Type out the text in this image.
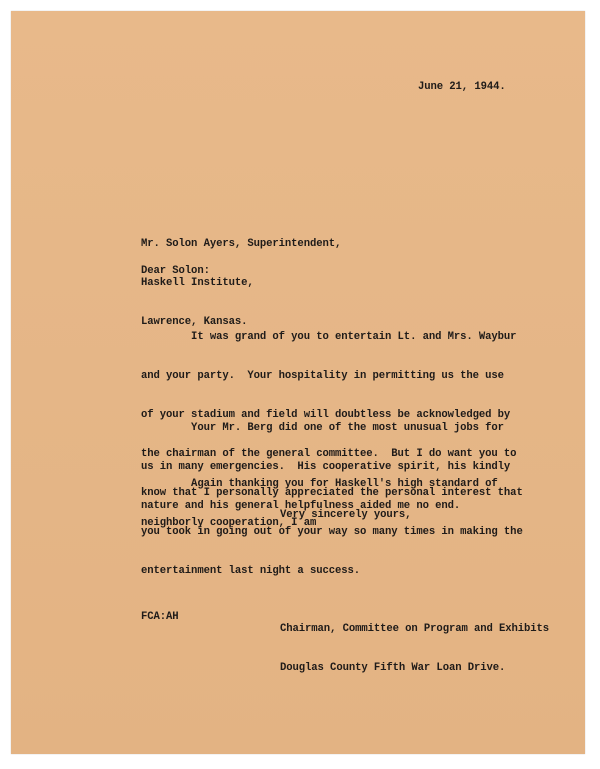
June 21, 1944.

Mr. Solon Ayers, Superintendent,

Haskell Institute,

Lawrence, Kansas.

Dear Solon:

It was grand of you to entertain Lt. and Mrs. Waybur

and your party.  Your hospitality in permitting us the use

of your stadium and field will doubtless be acknowledged by

the chairman of the general committee.  But I do want you to

know that I personally appreciated the personal interest that

you took in going out of your way so many times in making the

entertainment last night a success.

Your Mr. Berg did one of the most unusual jobs for

us in many emergencies.  His cooperative spirit, his kindly

nature and his general helpfulness aided me no end.

Again thanking you for Haskell's high standard of

neighborly cooperation, I am

Very sincerely yours,

Chairman, Committee on Program and Exhibits

Douglas County Fifth War Loan Drive.

FCA:AH
